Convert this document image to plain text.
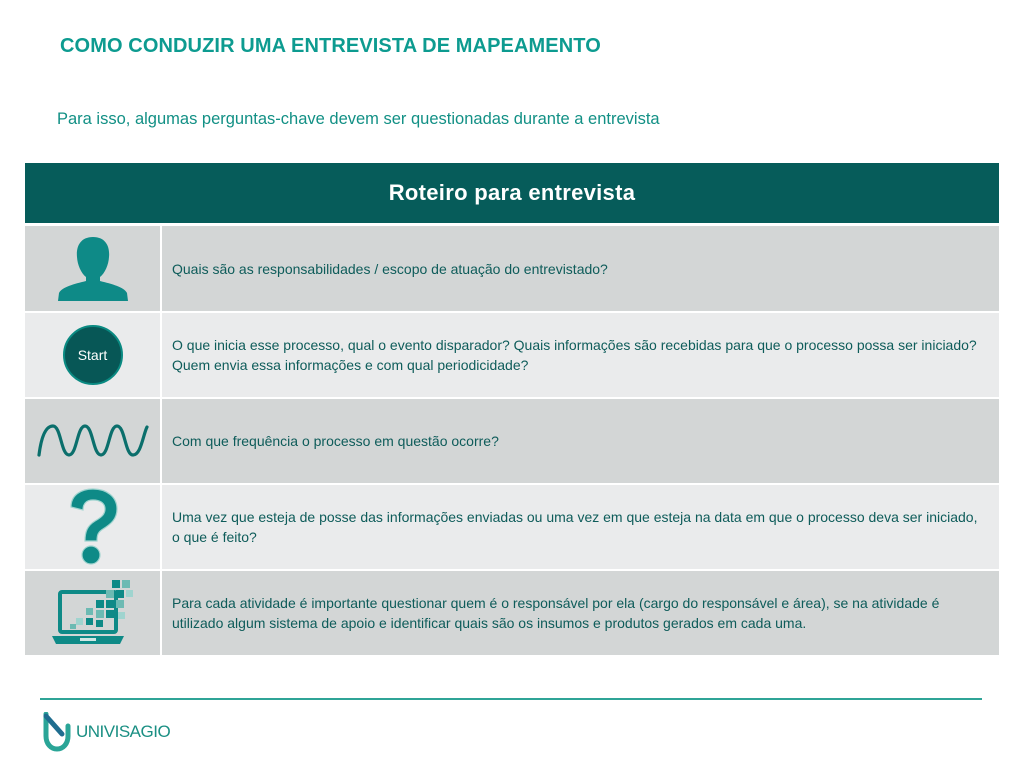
COMO CONDUZIR UMA ENTREVISTA DE MAPEAMENTO
Para isso, algumas perguntas-chave devem ser questionadas durante a entrevista
Roteiro para entrevista
Quais são as responsabilidades / escopo de atuação do entrevistado?
Start
O que inicia esse processo, qual o evento disparador? Quais informações são recebidas para que o processo possa ser iniciado? Quem envia essa informações e com qual periodicidade?
Com que frequência o processo em questão ocorre?
Uma vez que esteja de posse das informações enviadas ou uma vez em que esteja na data em que o processo deva ser iniciado, o que é feito?
Para cada atividade é importante questionar quem é o responsável por ela (cargo do responsável e área), se na atividade é utilizado algum sistema de apoio e identificar quais são os insumos e produtos gerados em cada uma.
UNIVISAGIO
